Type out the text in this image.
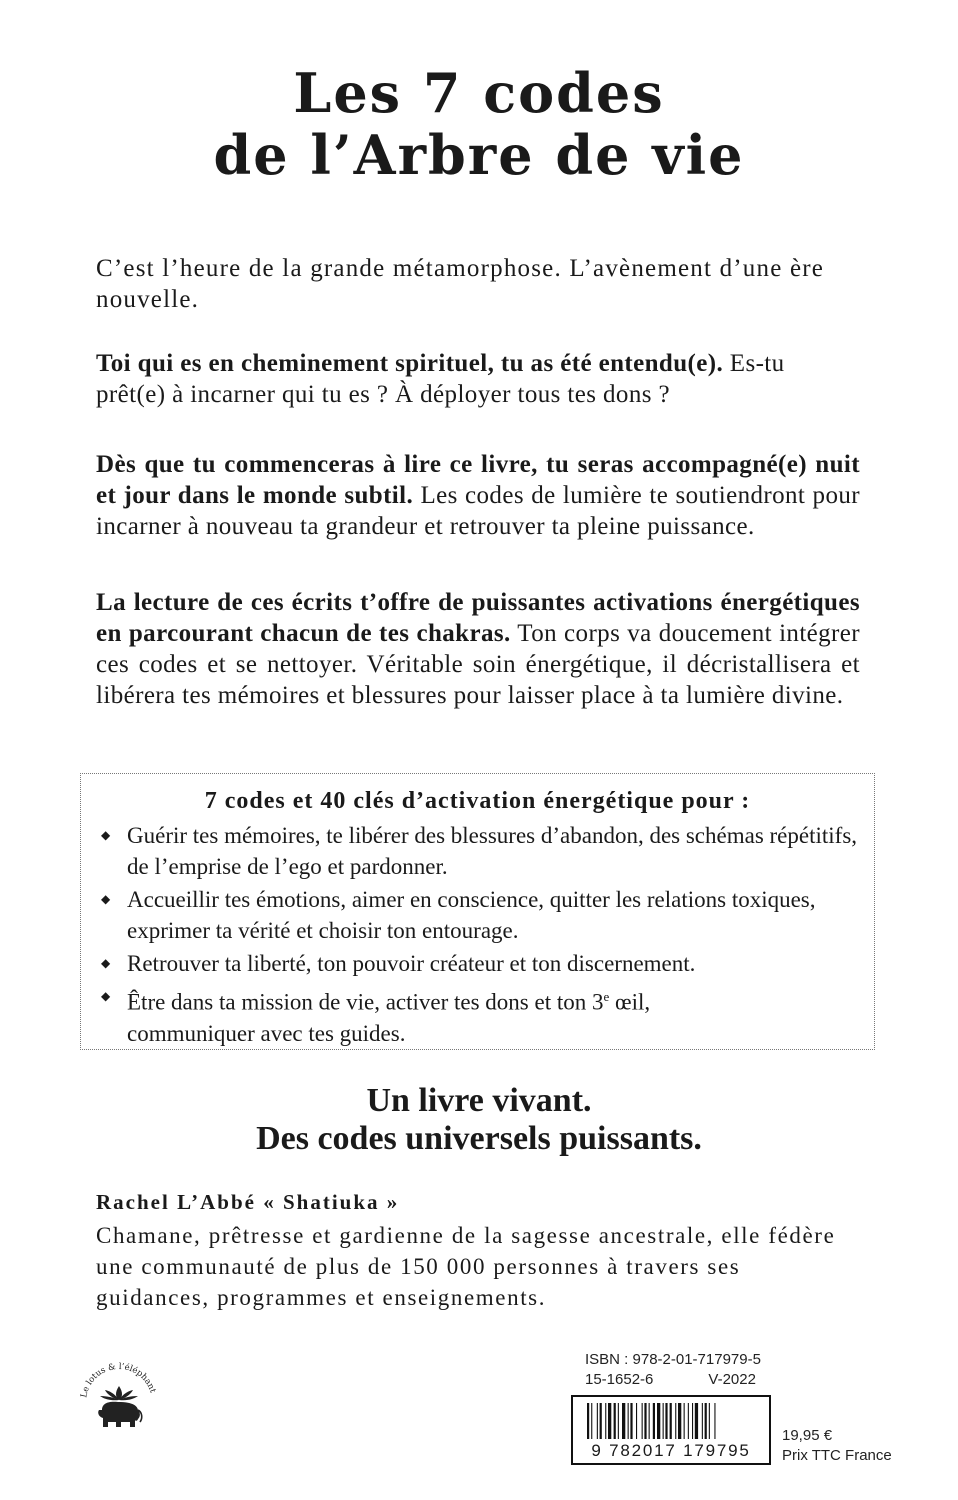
Les 7 codes
de l’Arbre de vie
C’est l’heure de la grande métamorphose. L’avènement d’une ère nouvelle.
Toi qui es en cheminement spirituel, tu as été entendu(e). Es-tu prêt(e) à incarner qui tu es ? À déployer tous tes dons ?
Dès que tu commenceras à lire ce livre, tu seras accompagné(e) nuit et jour dans le monde subtil. Les codes de lumière te soutiendront pour incarner à nouveau ta grandeur et retrouver ta pleine puissance.
La lecture de ces écrits t’offre de puissantes activations énergétiques en parcourant chacun de tes chakras. Ton corps va doucement intégrer ces codes et se nettoyer. Véritable soin énergétique, il décristallisera et libérera tes mémoires et blessures pour laisser place à ta lumière divine.
7 codes et 40 clés d’activation énergétique pour :
◆ Guérir tes mémoires, te libérer des blessures d’abandon, des schémas répétitifs, de l’emprise de l’ego et pardonner.
◆ Accueillir tes émotions, aimer en conscience, quitter les relations toxiques, exprimer ta vérité et choisir ton entourage.
◆ Retrouver ta liberté, ton pouvoir créateur et ton discernement.
◆ Être dans ta mission de vie, activer tes dons et ton 3e œil,
communiquer avec tes guides.
Un livre vivant.
Des codes universels puissants.
Rachel L’Abbé « Shatiuka »
Chamane, prêtresse et gardienne de la sagesse ancestrale, elle fédère une communauté de plus de 150 000 personnes à travers ses guidances, programmes et enseignements.
Le lotus & l’éléphant
ISBN : 978-2-01-717979-5
15-1652-6	V-2022
9 782017 179795
19,95 €
Prix TTC France
